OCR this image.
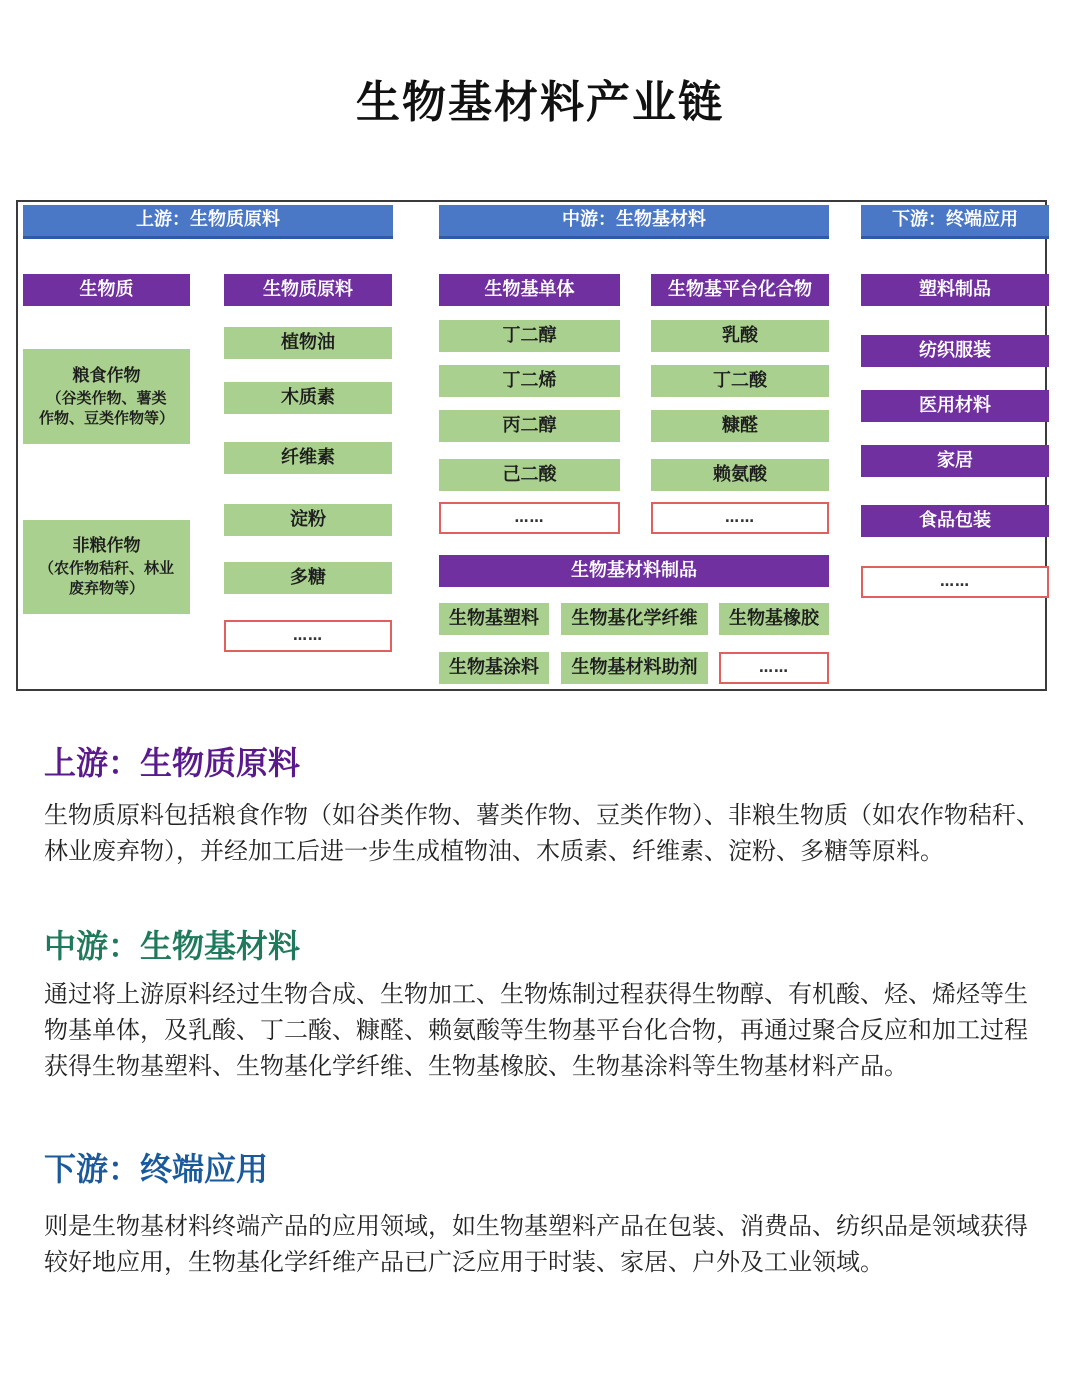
生物基材料产业链
上游：生物质原料	中游：生物基材料	下游：终端应用
生物质
粮食作物
（谷类作物、薯类
作物、豆类作物等）
非粮作物
（农作物秸秆、林业
废弃物等）
生物质原料
植物油
木质素
纤维素
淀粉
多糖
……
生物基单体
丁二醇
丁二烯
丙二醇
己二酸
……
生物基平台化合物
乳酸
丁二酸
糠醛
赖氨酸
……
生物基材料制品
生物基塑料	生物基化学纤维	生物基橡胶
生物基涂料	生物基材料助剂	……
塑料制品
纺织服装
医用材料
家居
食品包装
……
上游：生物质原料

生物质原料包括粮食作物（如谷类作物、薯类作物、豆类作物）、非粮生物质（如农作物秸秆、林业废弃物），并经加工后进一步生成植物油、木质素、纤维素、淀粉、多糖等原料。

中游：生物基材料

通过将上游原料经过生物合成、生物加工、生物炼制过程获得生物醇、有机酸、烃、烯烃等生物基单体，及乳酸、丁二酸、糠醛、赖氨酸等生物基平台化合物，再通过聚合反应和加工过程获得生物基塑料、生物基化学纤维、生物基橡胶、生物基涂料等生物基材料产品。

下游：终端应用

则是生物基材料终端产品的应用领域，如生物基塑料产品在包装、消费品、纺织品是领域获得较好地应用，生物基化学纤维产品已广泛应用于时装、家居、户外及工业领域。
